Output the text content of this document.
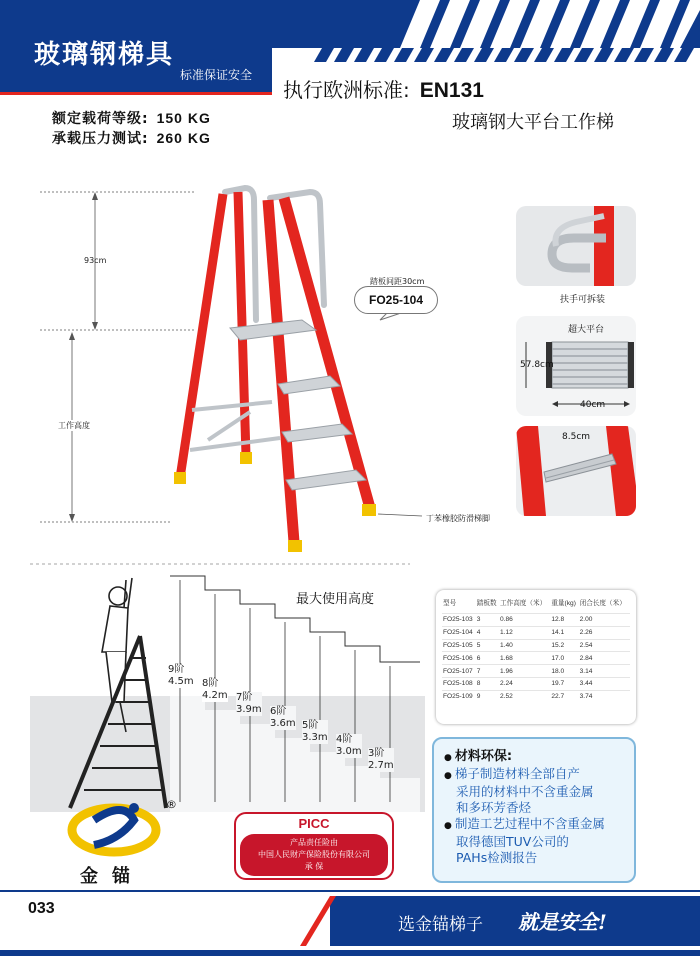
玻璃钢梯具
标准保证安全
执行欧洲标准: EN131
额定载荷等级: 150 KG
承载压力测试: 260 KG
玻璃钢大平台工作梯
93cm
工作高度
踏板间距30cm
FO25-104
丁苯橡胶防滑梯脚
扶手可拆装
超大平台
57.8cm
40cm
8.5cm
最大使用高度
9阶
4.5m 8阶
4.2m 7阶
3.9m 6阶
3.6m 5阶
3.3m 4阶
3.0m 3阶
2.7m
型号	踏板数	工作高度（米）	重量(kg)	闭合长度（米）
FO25-103	3	0.86	12.8	2.00
FO25-104	4	1.12	14.1	2.26
FO25-105	5	1.40	15.2	2.54
FO25-106	6	1.68	17.0	2.84
FO25-107	7	1.96	18.0	3.14
FO25-108	8	2.24	19.7	3.44
FO25-109	9	2.52	22.7	3.74
● 材料环保:
● 梯子制造材料全部自产
采用的材料中不含重金属
和多环芳香烃
● 制造工艺过程中不含重金属
取得德国TUV公司的
PAHs检测报告
®
金锚
PICC
产品责任险由
中国人民财产保险股份有限公司
承 保
033
选金锚梯子 就是安全!
